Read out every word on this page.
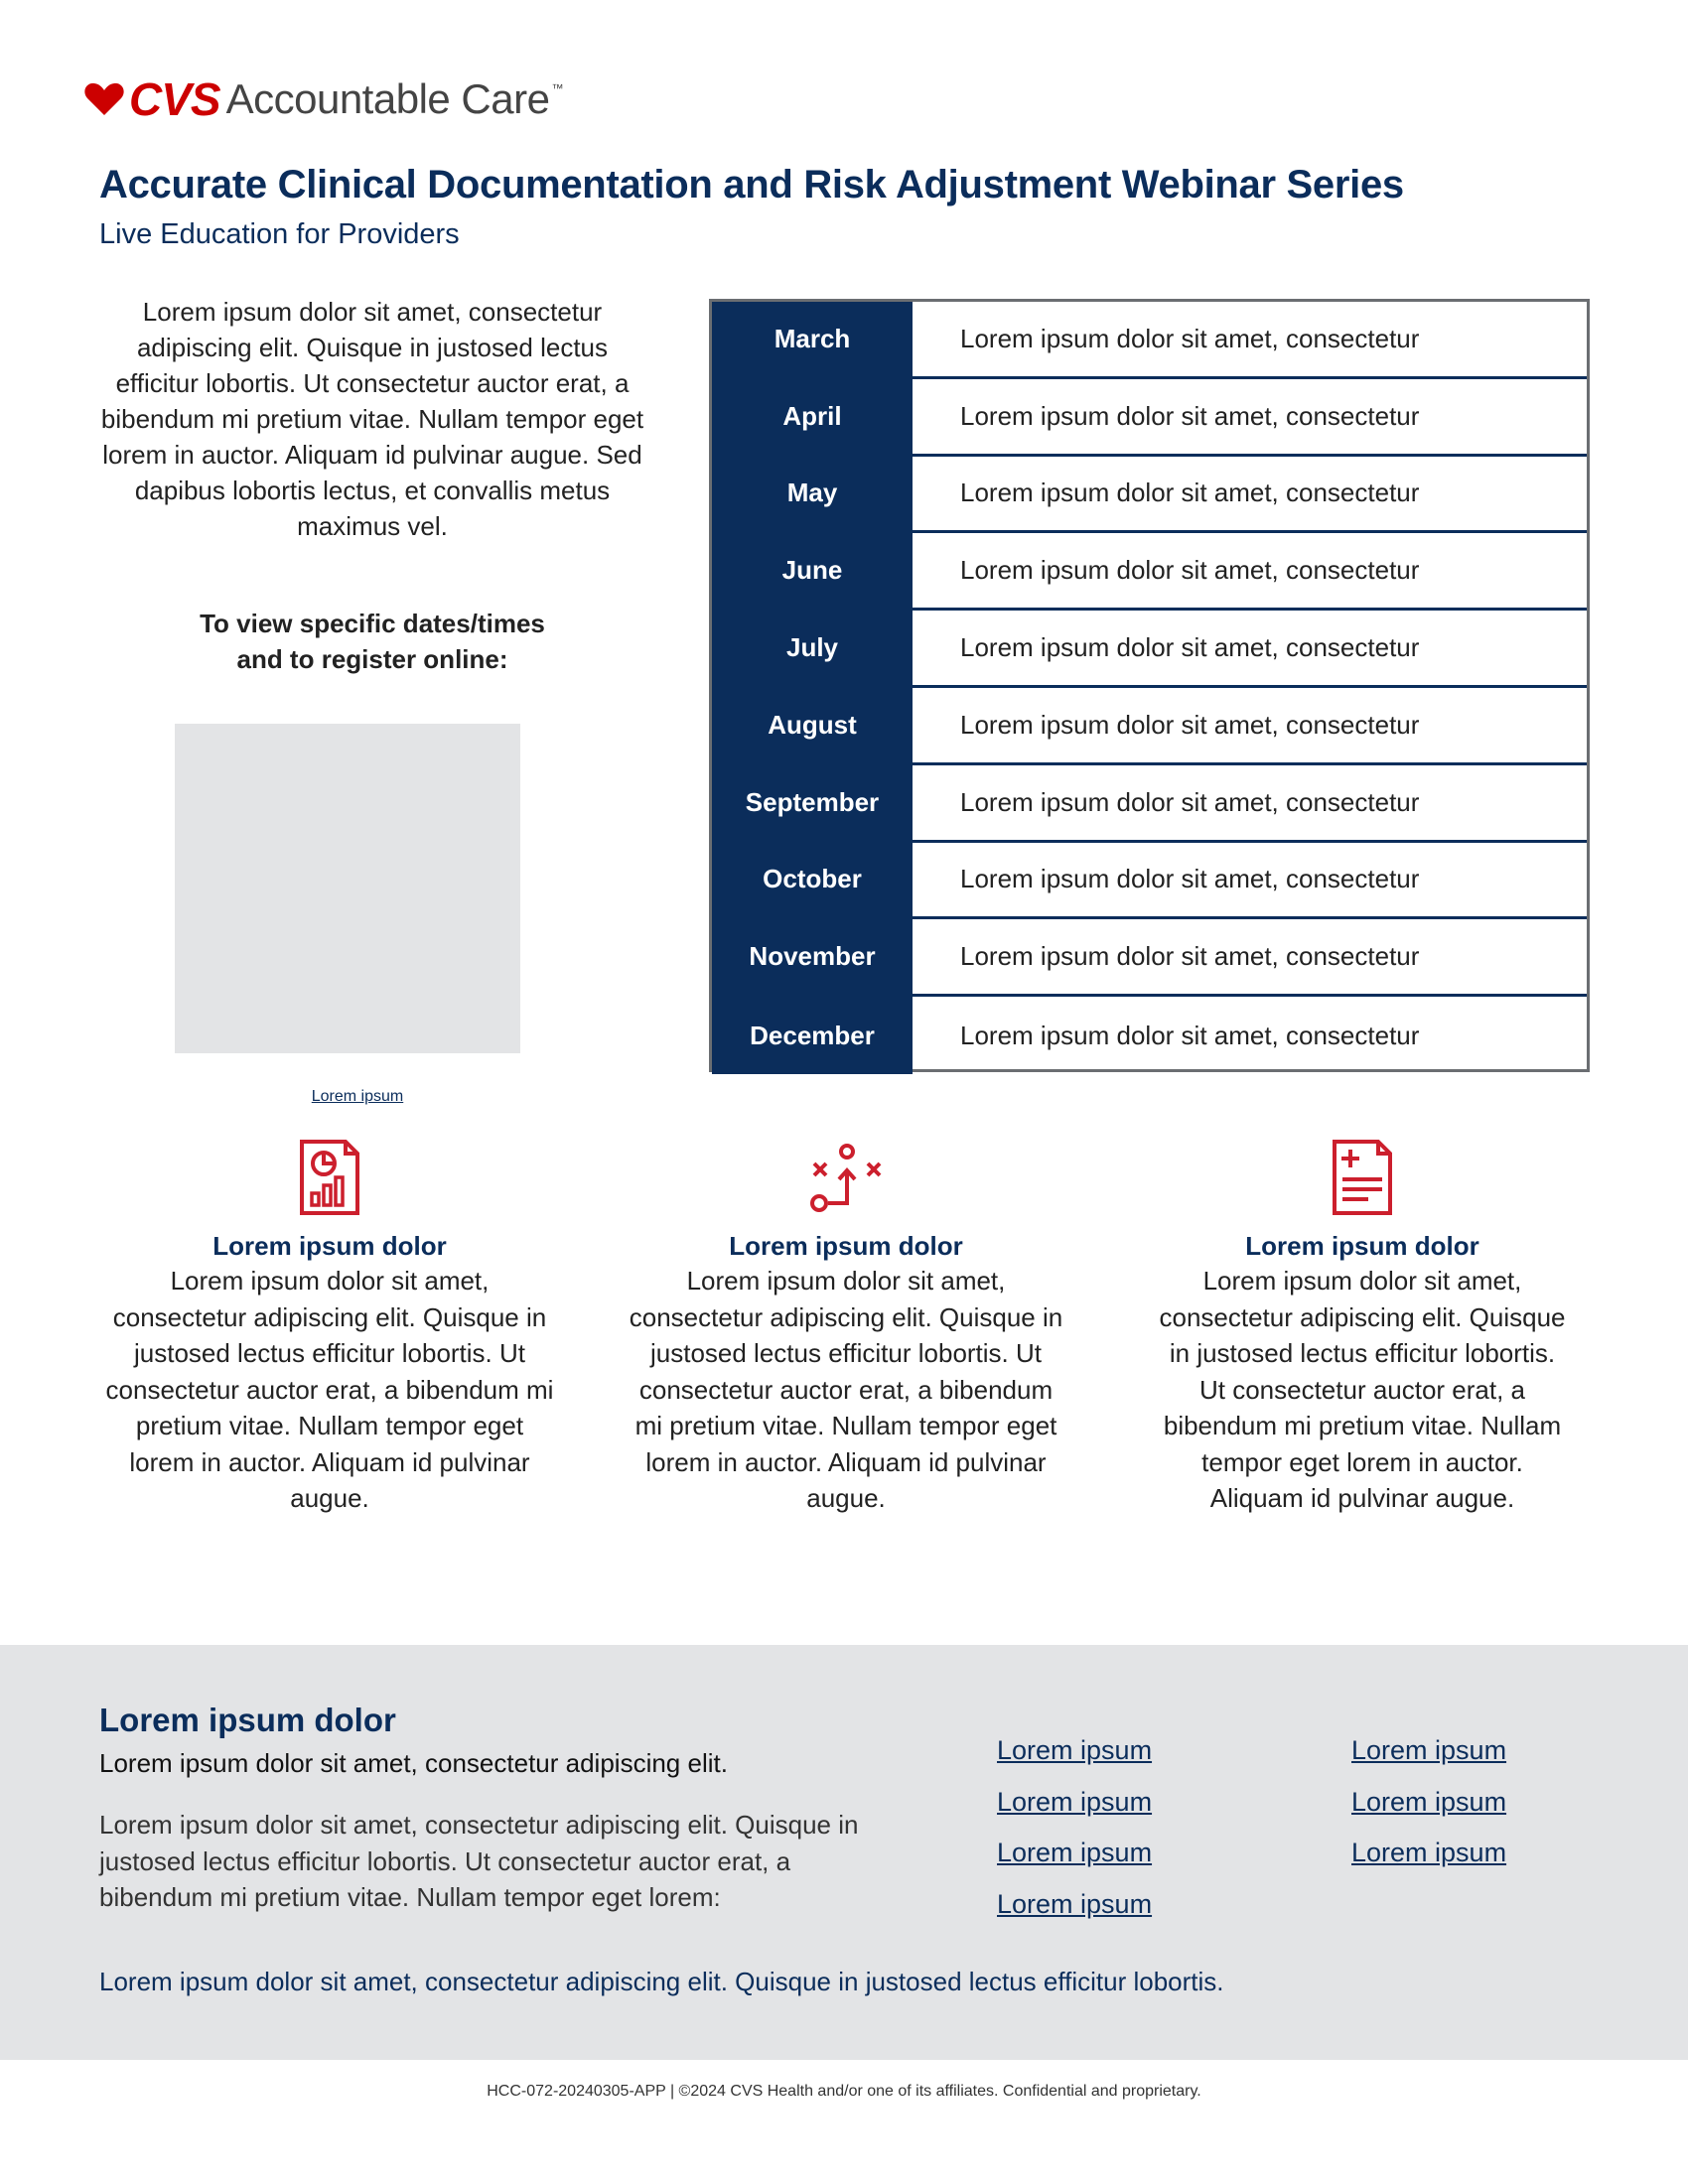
CVS Accountable Care ™
Accurate Clinical Documentation and Risk Adjustment Webinar Series
Live Education for Providers
Lorem ipsum dolor sit amet, consectetur adipiscing elit. Quisque in justosed lectus efficitur lobortis. Ut consectetur auctor erat, a bibendum mi pretium vitae. Nullam tempor eget lorem in auctor. Aliquam id pulvinar augue. Sed dapibus lobortis lectus, et convallis metus maximus vel.
To view specific dates/times
and to register online:
Lorem ipsum
March	Lorem ipsum dolor sit amet, consectetur
April	Lorem ipsum dolor sit amet, consectetur
May	Lorem ipsum dolor sit amet, consectetur
June	Lorem ipsum dolor sit amet, consectetur
July	Lorem ipsum dolor sit amet, consectetur
August	Lorem ipsum dolor sit amet, consectetur
September	Lorem ipsum dolor sit amet, consectetur
October	Lorem ipsum dolor sit amet, consectetur
November	Lorem ipsum dolor sit amet, consectetur
December	Lorem ipsum dolor sit amet, consectetur
Lorem ipsum dolor
Lorem ipsum dolor sit amet, consectetur adipiscing elit. Quisque in justosed lectus efficitur lobortis. Ut consectetur auctor erat, a bibendum mi pretium vitae. Nullam tempor eget lorem in auctor. Aliquam id pulvinar augue.
Lorem ipsum dolor
Lorem ipsum dolor sit amet, consectetur adipiscing elit. Quisque in justosed lectus efficitur lobortis. Ut consectetur auctor erat, a bibendum mi pretium vitae. Nullam tempor eget lorem in auctor. Aliquam id pulvinar augue.
Lorem ipsum dolor
Lorem ipsum dolor sit amet, consectetur adipiscing elit. Quisque in justosed lectus efficitur lobortis. Ut consectetur auctor erat, a bibendum mi pretium vitae. Nullam tempor eget lorem in auctor. Aliquam id pulvinar augue.
Lorem ipsum dolor
Lorem ipsum dolor sit amet, consectetur adipiscing elit.
Lorem ipsum dolor sit amet, consectetur adipiscing elit. Quisque in justosed lectus efficitur lobortis. Ut consectetur auctor erat, a bibendum mi pretium vitae. Nullam tempor eget lorem:
Lorem ipsum dolor sit amet, consectetur adipiscing elit. Quisque in justosed lectus efficitur lobortis.
Lorem ipsum
Lorem ipsum
Lorem ipsum
Lorem ipsum
Lorem ipsum
Lorem ipsum
Lorem ipsum
HCC-072-20240305-APP | ©2024 CVS Health and/or one of its affiliates. Confidential and proprietary.
